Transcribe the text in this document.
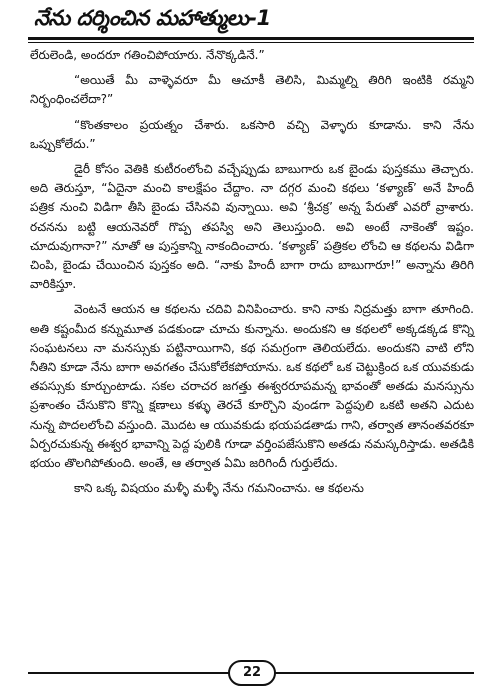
నేను దర్శించిన మహాత్ములు-1

లేరులెండి, అందరూ గతించిపోయారు. నేనొక్కడినే.”

“అయితే మీ వాళ్ళెవరూ మీ ఆచూకీ తెలిసి, మిమ్మల్ని తిరిగి ఇంటికి రమ్మని నిర్బంధించలేదా?”

“కొంతకాలం ప్రయత్నం చేశారు. ఒకసారి వచ్చి వెళ్ళారు కూడాను. కాని నేను ఒప్పుకోలేదు.”

డైరీ కోసం వెతికి కుటీరంలోంచి వచ్చేప్పుడు బాబుగారు ఒక బైండు పుస్తకము తెచ్చారు. అది తెరుస్తూ, “ఏదైనా మంచి కాలక్షేపం చేద్దాం. నా దగ్గర మంచి కథలు ‘కళ్యాణ్’ అనే హిందీ పత్రిక నుంచి విడిగా తీసి బైండు చేసినవి వున్నాయి. అవి ‘శ్రీచక్ర’ అన్న పేరుతో ఎవరో వ్రాశారు. రచనను బట్టి ఆయనెవరో గొప్ప తపస్వి అని తెలుస్తుంది. అవి అంటే నాకెంతో ఇష్టం. చూదువుగానా?” నూతో ఆ పుస్తకాన్ని నాకందించారు. ‘కళ్యాణ్’ పత్రికల లోంచి ఆ కథలను విడిగా చింపి, బైండు చేయించిన పుస్తకం అది. “నాకు హిందీ బాగా రాదు బాబుగారూ!” అన్నాను తిరిగి వారికిస్తూ.

వెంటనే ఆయన ఆ కథలను చదివి వినిపించారు. కాని నాకు నిద్రమత్తు బాగా తూగింది. అతి కష్టంమీద కన్నుమూత పడకుండా చూచు కున్నాను. అందుకని ఆ కథలలో అక్కడక్కడ కొన్ని సంఘటనలు నా మనస్సుకు పట్టినాయిగాని, కథ సమగ్రంగా తెలియలేదు. అందుకని వాటి లోని నీతిని కూడా నేను బాగా అవగతం చేసుకోలేకపోయాను. ఒక కథలో ఒక చెట్టుక్రింద ఒక యువకుడు తపస్సుకు కూర్చుంటాడు. సకల చరాచర జగత్తు ఈశ్వరరూపమన్న భావంతో అతడు మనస్సును ప్రశాంతం చేసుకొని కొన్ని క్షణాలు కళ్ళు తెరచే కూర్చొని వుండగా పెద్దపులి ఒకటి అతని ఎదుట నున్న పొదలలోంచి వస్తుంది. మొదట ఆ యువకుడు భయపడతాడు గాని, తర్వాత తానంతవరకూ ఏర్పరచుకున్న ఈశ్వర భావాన్ని పెద్ద పులికి గూడా వర్తింపజేసుకొని అతడు నమస్కరిస్తాడు. అతడికి భయం తొలగిపోతుంది. అంతే, ఆ తర్వాత ఏమి జరిగిందీ గుర్తులేదు.

కాని ఒక్క విషయం మళ్ళీ మళ్ళీ నేను గమనించాను. ఆ కథలను

22
